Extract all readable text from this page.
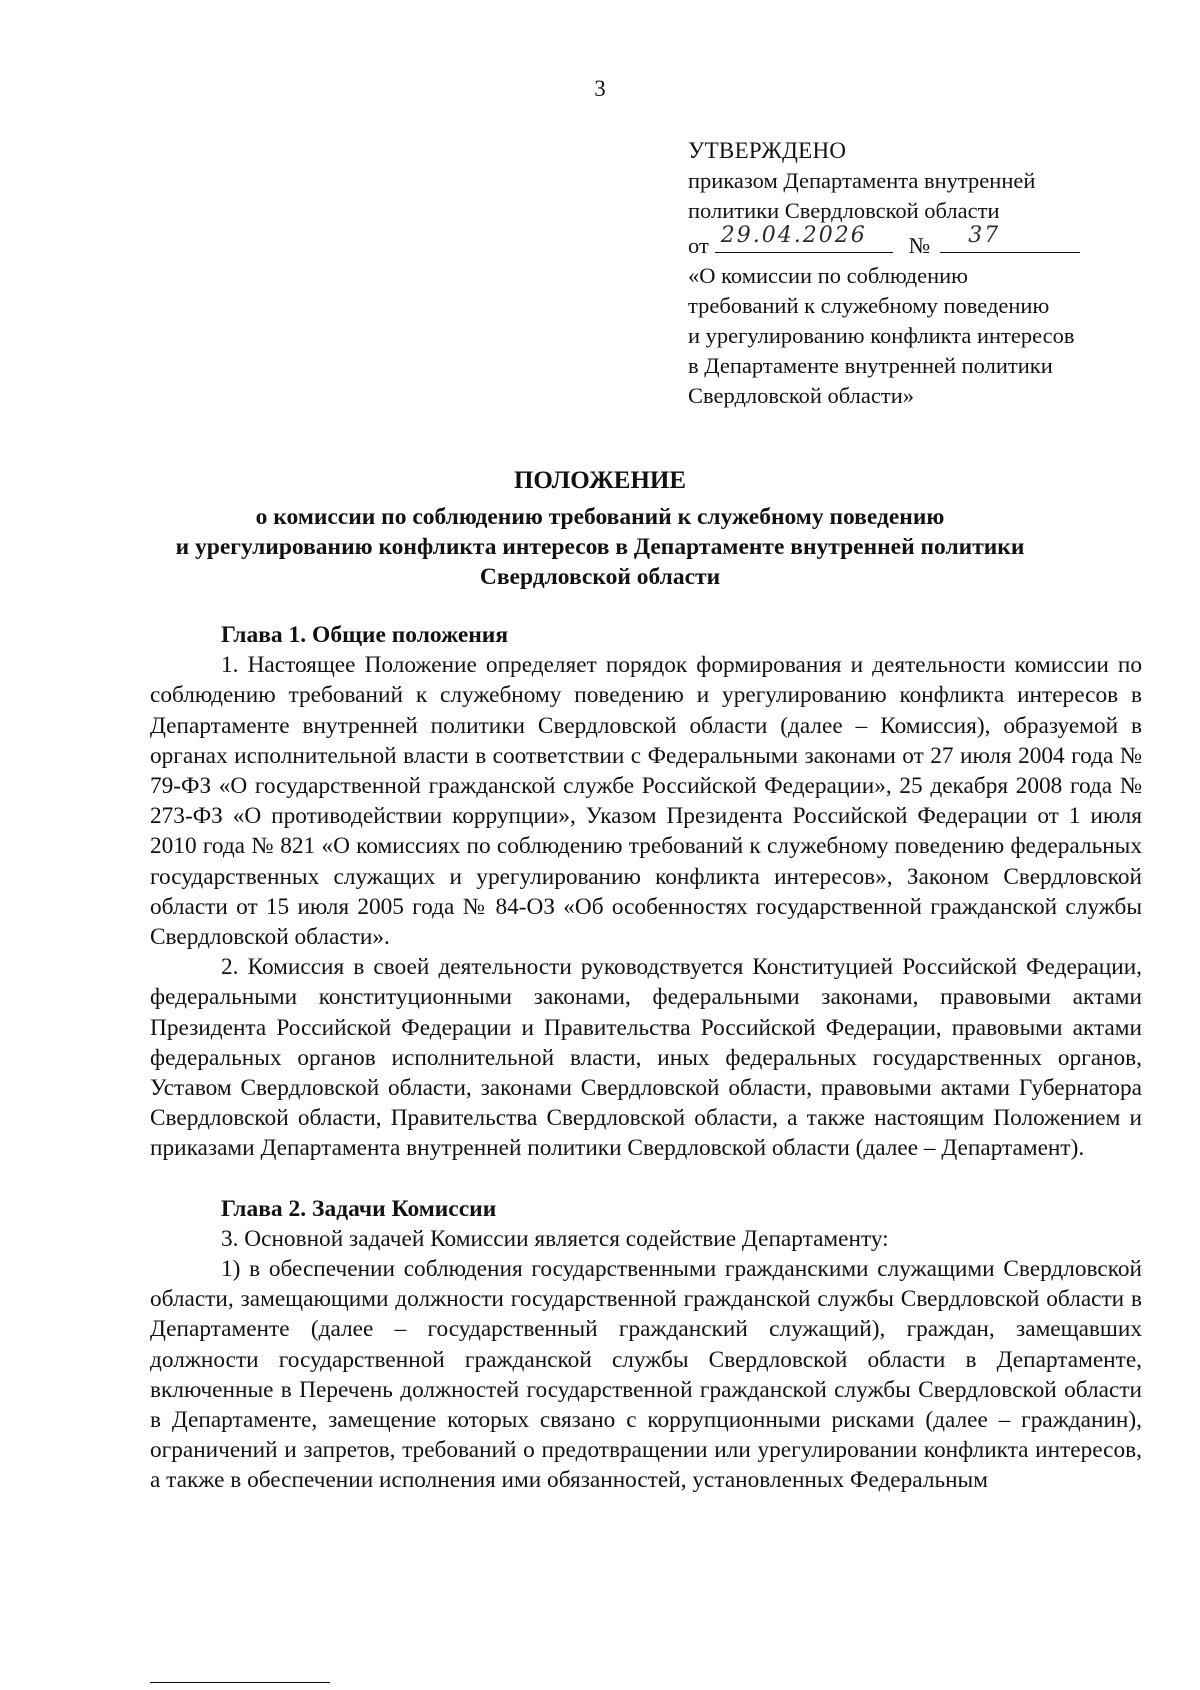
3
УТВЕРЖДЕНО
приказом Департамента внутренней
политики Свердловской области
от 29.04.2026 № 37
«О комиссии по соблюдению
требований к служебному поведению
и урегулированию конфликта интересов
в Департаменте внутренней политики
Свердловской области»
ПОЛОЖЕНИЕ
о комиссии по соблюдению требований к служебному поведению
и урегулированию конфликта интересов в Департаменте внутренней политики
Свердловской области
Глава 1. Общие положения

1. Настоящее Положение определяет порядок формирования и деятельности комиссии по соблюдению требований к служебному поведению и урегулированию конфликта интересов в Департаменте внутренней политики Свердловской области (далее – Комиссия), образуемой в органах исполнительной власти в соответствии с Федеральными законами от 27 июля 2004 года № 79-ФЗ «О государственной гражданской службе Российской Федерации», 25 декабря 2008 года № 273-ФЗ «О противодействии коррупции», Указом Президента Российской Федерации от 1 июля 2010 года № 821 «О комиссиях по соблюдению требований к служебному поведению федеральных государственных служащих и урегулированию конфликта интересов», Законом Свердловской области от 15 июля 2005 года № 84-ОЗ «Об особенностях государственной гражданской службы Свердловской области».

2. Комиссия в своей деятельности руководствуется Конституцией Российской Федерации, федеральными конституционными законами, федеральными законами, правовыми актами Президента Российской Федерации и Правительства Российской Федерации, правовыми актами федеральных органов исполнительной власти, иных федеральных государственных органов, Уставом Свердловской области, законами Свердловской области, правовыми актами Губернатора Свердловской области, Правительства Свердловской области, а также настоящим Положением и приказами Департамента внутренней политики Свердловской области (далее – Департамент).

Глава 2. Задачи Комиссии

3. Основной задачей Комиссии является содействие Департаменту:

1) в обеспечении соблюдения государственными гражданскими служащими Свердловской области, замещающими должности государственной гражданской службы Свердловской области в Департаменте (далее – государственный гражданский служащий), граждан, замещавших должности государственной гражданской службы Свердловской области в Департаменте, включенные в Перечень должностей государственной гражданской службы Свердловской области в Департаменте, замещение которых связано с коррупционными рисками (далее – гражданин), ограничений и запретов, требований о предотвращении или урегулировании конфликта интересов, а также в обеспечении исполнения ими обязанностей, установленных Федеральным
